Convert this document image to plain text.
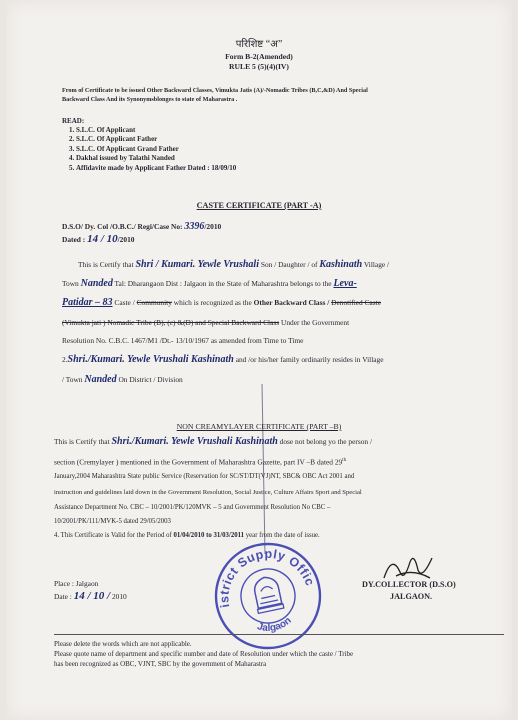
परिशिष्ट “अ”
Form B-2(Amended)
RULE 5 (5)(4)(IV)
From of Certificate to be issued Other Backward Classes, Vimukta Jatis (A)/-Nomadic Tribes (B,C,&D) And Special
Backward Class And its Synonymsblonges to state of Maharastra .
READ:
1. S.L.C. Of Applicant
2. S.L.C. Of Applicant Father
3. S.L.C. Of Applicant Grand Father
4. Dakhal issued by Talathi Nanded
5. Affidavite made by Applicant Father Dated : 18/09/10
CASTE CERTIFICATE (PART -A)
D.S.O/ Dy. Col /O.B.C./ Regi/Case No: 3396/2010
Dated : 14 / 10/2010
This is Certify that Shri / Kumari. Yewle Vrushali Son / Daughter / of Kashinath Village /
Town Nanded Tal: Dharangaon Dist : Jalgaon in the State of Maharashtra belongs to the Leva-
Patidar – 83 Caste / Community which is recognized as the Other Backward Class / Denotified Caste
(Vimukta jati ) Nomadic Tribe (B), (c) &(D) and Special Backward Class Under the Government
Resolution No. C.B.C. 1467/M1 /Dt.- 13/10/1967 as amended from Time to Time
2.Shri./Kumari. Yewle Vrushali Kashinath and /or his/her family ordinarily resides in Village
/ Town Nanded On District / Division
NON CREAMYLAYER CERTIFICATE (PART –B)
This is Certify that Shri./Kumari. Yewle Vrushali Kashinath dose not belong yo the person /
section (Cremylayer ) mentioned in the Government of Maharashtra Gazette, part IV –B dated 29th
January,2004 Maharashtra State public Service (Reservation for SC/ST/DT(VJ)NT, SBC& OBC Act 2001 and
instruction and guidelines laid down in the Government Resolution, Social Justice, Culture Affairs Sport and Special
Assistance Department No. CBC – 10/2001/PK/120MVK – 5 and Government Resolution No CBC –
10/2001/PK/111/MVK-5 dated 29/05/2003
4. This Certificate is Valid for the Period of 01/04/2010 to 31/03/2011 year from the date of issue.
District Supply Officer
Jalgaon
Place : Jalgaon
Date : 14 / 10 / 2010
DY.COLLECTOR (D.S.O)
JALGAON.
Please delete the words which are not applicable.
Please quote name of department and specific number and date of Resolution under which the caste / Tribe
has been recognized as OBC, VJNT, SBC by the government of Maharastra
